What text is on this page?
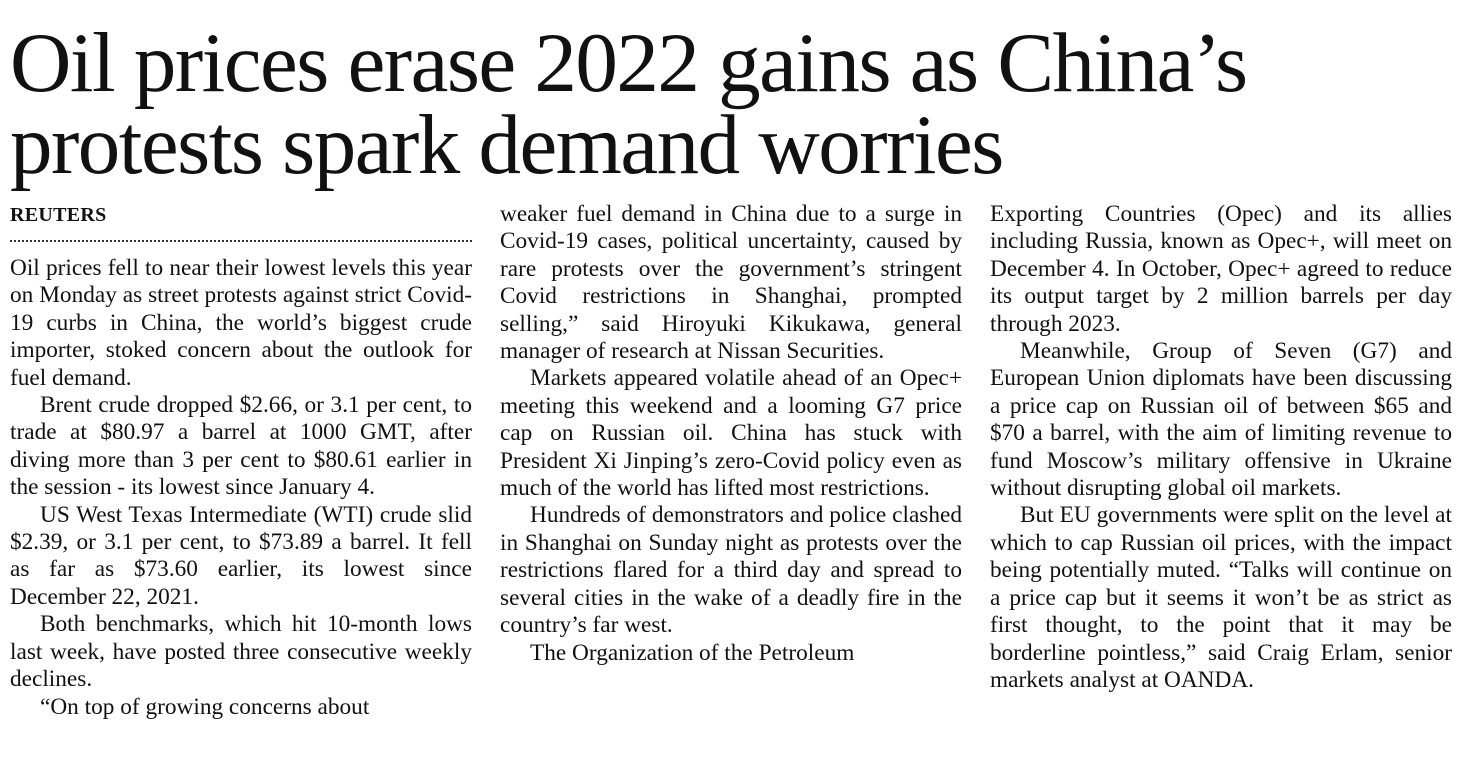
Oil prices erase 2022 gains as China’s
protests spark demand worries
REUTERS

Oil prices fell to near their lowest levels this year on Monday as street protests against strict Covid-19 curbs in China, the world’s biggest crude importer, stoked concern about the outlook for fuel demand.

Brent crude dropped $2.66, or 3.1 per cent, to trade at $80.97 a barrel at 1000 GMT, after diving more than 3 per cent to $80.61 earlier in the session - its lowest since January 4.

US West Texas Intermediate (WTI) crude slid $2.39, or 3.1 per cent, to $73.89 a barrel. It fell as far as $73.60 earlier, its lowest since December 22, 2021.

Both benchmarks, which hit 10-month lows last week, have posted three consecutive weekly declines.

“On top of growing concerns about

weaker fuel demand in China due to a surge in Covid-19 cases, political uncertainty, caused by rare protests over the government’s stringent Covid restrictions in Shanghai, prompted selling,” said Hiroyuki Kikukawa, general manager of research at Nissan Securities.

Markets appeared volatile ahead of an Opec+ meeting this weekend and a looming G7 price cap on Russian oil. China has stuck with President Xi Jinping’s zero-Covid policy even as much of the world has lifted most restrictions.

Hundreds of demonstrators and police clashed in Shanghai on Sunday night as protests over the restrictions flared for a third day and spread to several cities in the wake of a deadly fire in the country’s far west.

The Organization of the Petroleum

Exporting Countries (Opec) and its allies including Russia, known as Opec+, will meet on December 4. In October, Opec+ agreed to reduce its output target by 2 million barrels per day through 2023.

Meanwhile, Group of Seven (G7) and European Union diplomats have been discussing a price cap on Russian oil of between $65 and $70 a barrel, with the aim of limiting revenue to fund Moscow’s military offensive in Ukraine without disrupting global oil markets.

But EU governments were split on the level at which to cap Russian oil prices, with the impact being potentially muted. “Talks will continue on a price cap but it seems it won’t be as strict as first thought, to the point that it may be borderline pointless,” said Craig Erlam, senior markets analyst at OANDA.
